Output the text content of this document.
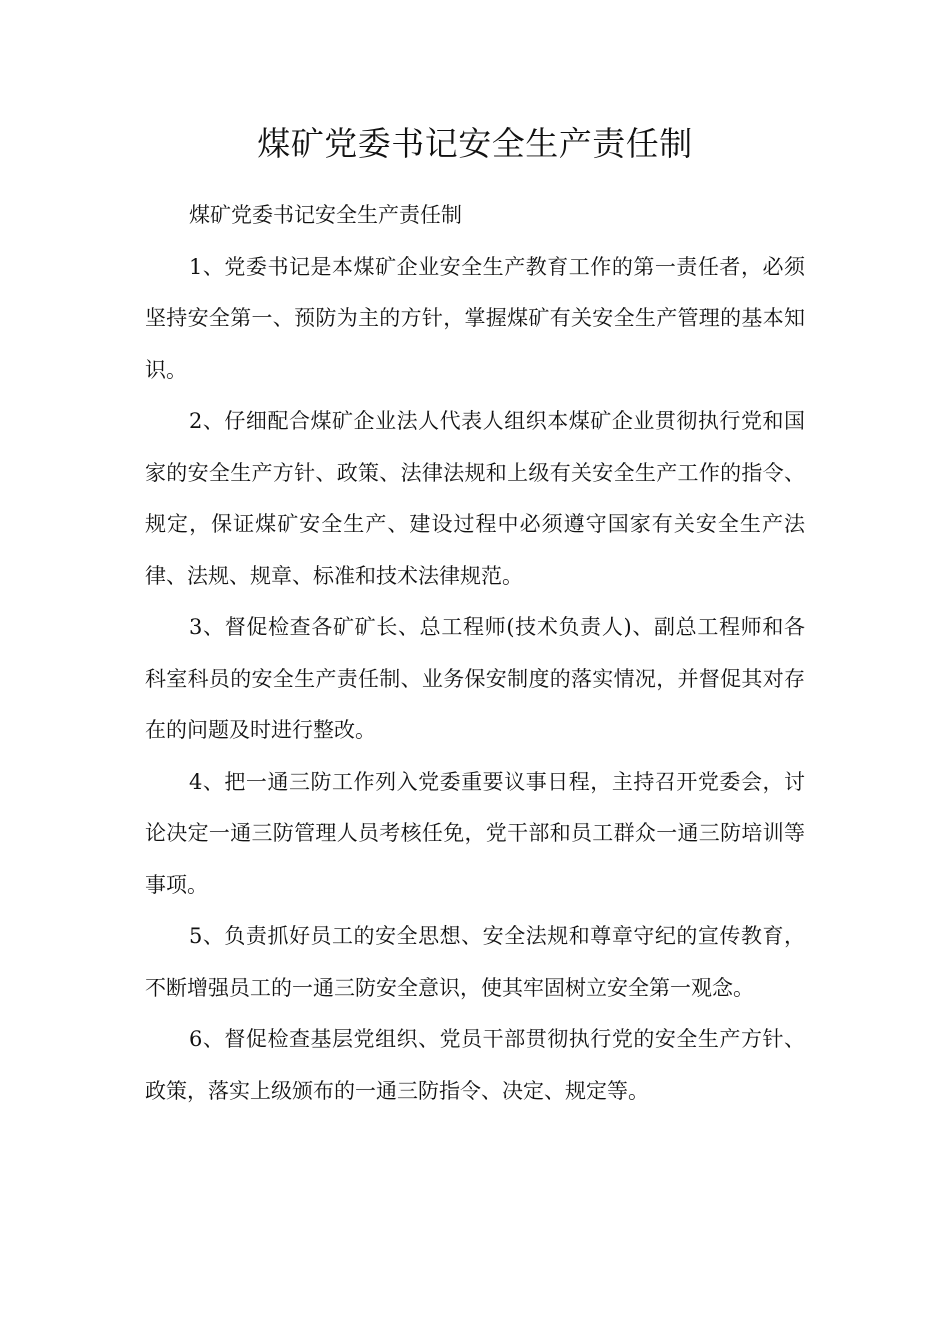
煤矿党委书记安全生产责任制

煤矿党委书记安全生产责任制

1、党委书记是本煤矿企业安全生产教育工作的第一责任者，必须坚持安全第一、预防为主的方针，掌握煤矿有关安全生产管理的基本知识。

2、仔细配合煤矿企业法人代表人组织本煤矿企业贯彻执行党和国家的安全生产方针、政策、法律法规和上级有关安全生产工作的指令、规定，保证煤矿安全生产、建设过程中必须遵守国家有关安全生产法律、法规、规章、标准和技术法律规范。

3、督促检查各矿矿长、总工程师(技术负责人)、副总工程师和各科室科员的安全生产责任制、业务保安制度的落实情况，并督促其对存在的问题及时进行整改。

4、把一通三防工作列入党委重要议事日程，主持召开党委会，讨论决定一通三防管理人员考核任免，党干部和员工群众一通三防培训等事项。

5、负责抓好员工的安全思想、安全法规和尊章守纪的宣传教育，不断增强员工的一通三防安全意识，使其牢固树立安全第一观念。

6、督促检查基层党组织、党员干部贯彻执行党的安全生产方针、政策，落实上级颁布的一通三防指令、决定、规定等。
